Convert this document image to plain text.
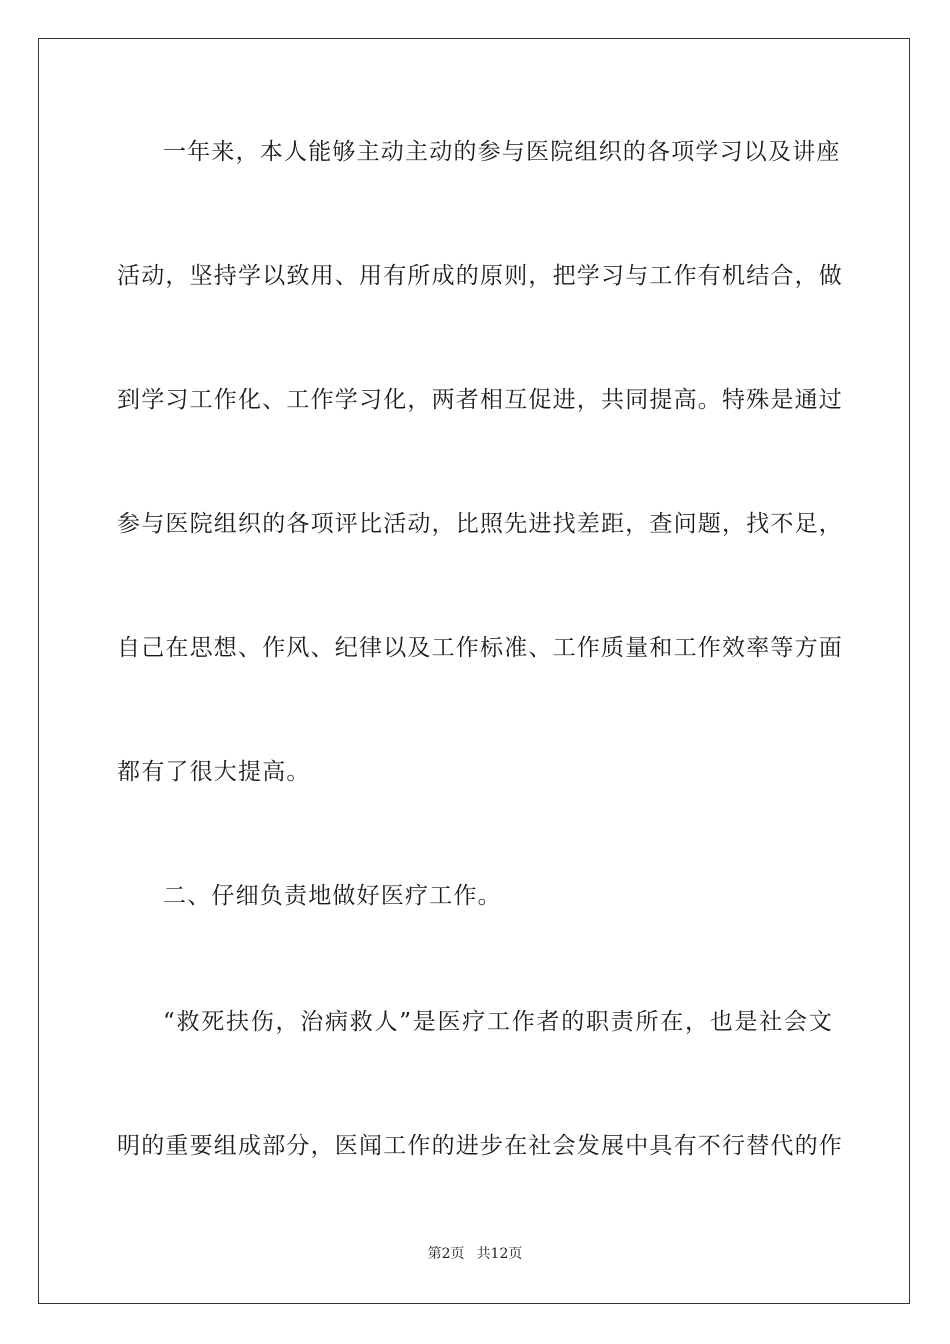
一年来，本人能够主动主动的参与医院组织的各项学习以及讲座
活动，坚持学以致用、用有所成的原则，把学习与工作有机结合，做
到学习工作化、工作学习化，两者相互促进，共同提高。特殊是通过
参与医院组织的各项评比活动，比照先进找差距，查问题，找不足，
自己在思想、作风、纪律以及工作标准、工作质量和工作效率等方面
都有了很大提高。
二、仔细负责地做好医疗工作。
“救死扶伤，治病救人”是医疗工作者的职责所在，也是社会文
明的重要组成部分，医闻工作的进步在社会发展中具有不行替代的作
第2页 共12页
